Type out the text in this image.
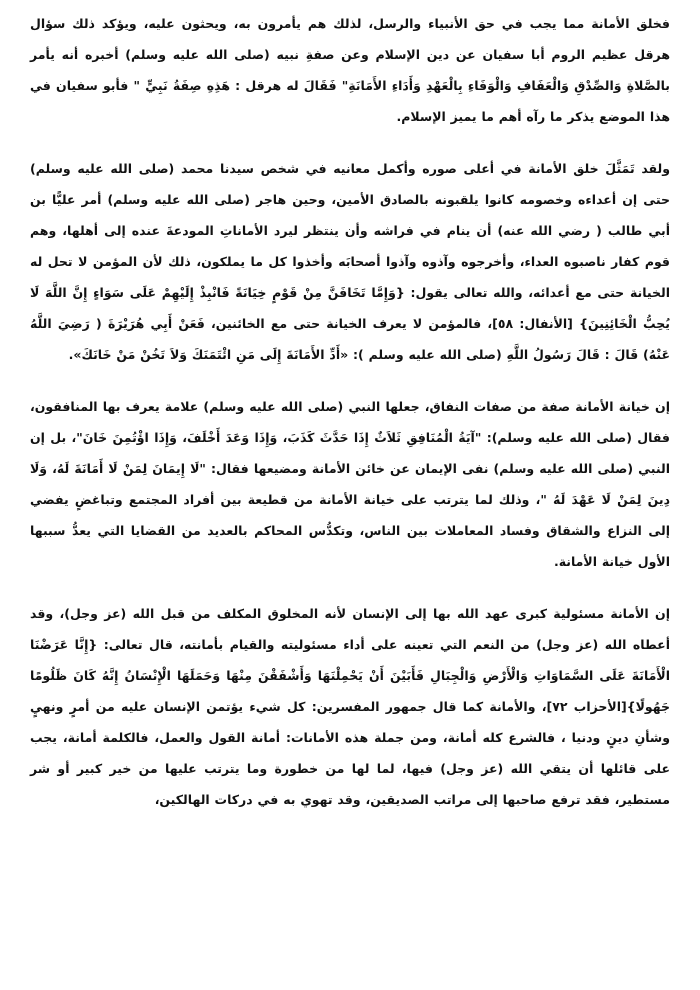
فخلق الأمانة مما يجب في حق الأنبياء والرسل، لذلك هم يأمرون به، ويحثون عليه، ويؤكد ذلك سؤال هرقل عظيم الروم أبا سفيان عن دين الإسلام وعن صفةِ نبيه (صلى الله عليه وسلم) أخبره أنه يأمر بالصَّلاةِ وَالصِّدْقِ وَالْعَفَافِ وَالْوَفَاءِ بِالْعَهْدِ وَأَدَاءِ الأَمَانَةِ" فَقَالَ له هرقل : هَذِهِ صِفَةُ نَبِيٍّ " فأبو سفيان في هذا الموضع يذكر ما رآه أهم ما يميز الإسلام.

ولقد تَمَثَّلَ خلق الأمانة في أعلى صوره وأكمل معانيه في شخص سيدنا محمد (صلى الله عليه وسلم) حتى إن أعداءه وخصومه كانوا يلقبونه بالصادق الأمين، وحين هاجر (صلى الله عليه وسلم) أمر عليًّا بن أبي طالب ( رضي الله عنه) أن ينام في فراشه وأن ينتظر ليرد الأماناتِ المودعةَ عنده إلى أهلها، وهم قوم كفار ناصبوه العداء، وأخرجوه وآذوه وآذوا أصحابَه وأخذوا كل ما يملكون، ذلك لأن المؤمن لا تحل له الخيانة حتى مع أعدائه، والله تعالى يقول: {وَإِمَّا تَخَافَنَّ مِنْ قَوْمٍ خِيَانَةً فَانْبِذْ إِلَيْهِمْ عَلَى سَوَاءٍ إِنَّ اللَّهَ لَا يُحِبُّ الْخَائِنِينَ} [الأنفال: ٥٨]، فالمؤمن لا يعرف الخيانة حتى مع الخائنين، فَعَنْ أَبِي هُرَيْرَةَ ( رَضِيَ اللَّهُ عَنْهُ) قَالَ : قَالَ رَسُولُ اللَّهِ (صلى الله عليه وسلم ): «أَدِّ الأَمَانَةَ إِلَى مَنِ ائْتَمَنَكَ وَلاَ تَخُنْ مَنْ خَانَكَ».

إن خيانة الأمانة صفة من صفات النفاق، جعلها النبي (صلى الله عليه وسلم) علامة يعرف بها المنافقون، فقال (صلى الله عليه وسلم): "آيَةُ الْمُنَافِقِ ثَلاَثٌ إِذَا حَدَّثَ كَذَبَ، وَإِذَا وَعَدَ أَخْلَفَ، وَإِذَا اؤْتُمِنَ خَانَ"، بل إن النبي (صلى الله عليه وسلم) نفى الإيمان عن خائن الأمانة ومضيعها فقال: "لَا إِيمَانَ لِمَنْ لَا أَمَانَةَ لَهُ، وَلَا دِينَ لِمَنْ لَا عَهْدَ لَهُ "، وذلك لما يترتب على خيانة الأمانة من قطيعة بين أفراد المجتمع وتباغضٍ يفضي إلى النزاع والشقاق وفساد المعاملات بين الناس، وتكدُّس المحاكم بالعديد من القضايا التي يعدُّ سببها الأول خيانة الأمانة.

إن الأمانة مسئولية كبرى عهد الله بها إلى الإنسان لأنه المخلوق المكلف من قبل الله (عز وجل)، وقد أعطاه الله (عز وجل) من النعم التي تعينه على أداء مسئوليته والقيام بأمانته، قال تعالى: {إِنَّا عَرَضْنَا الْأَمَانَةَ عَلَى السَّمَاوَاتِ وَالْأَرْضِ وَالْجِبَالِ فَأَبَيْنَ أَنْ يَحْمِلْنَهَا وَأَشْفَقْنَ مِنْهَا وَحَمَلَهَا الْإِنْسَانُ إِنَّهُ كَانَ ظَلُومًا جَهُولًا}[الأحزاب ٧٢]، والأمانة كما قال جمهور المفسرين: كل شيء يؤتمن الإنسان عليه من أمرٍ ونهيٍ وشأنِ دينٍ ودنيا ، فالشرع كله أمانة، ومن جملة هذه الأمانات: أمانة القول والعمل، فالكلمة أمانة، يجب على قائلها أن يتقي الله (عز وجل) فيها، لما لها من خطورة وما يترتب عليها من خير كبير أو شر مستطير، فقد ترفع صاحبها إلى مراتب الصديقين، وقد تهوي به في دركات الهالكين،
